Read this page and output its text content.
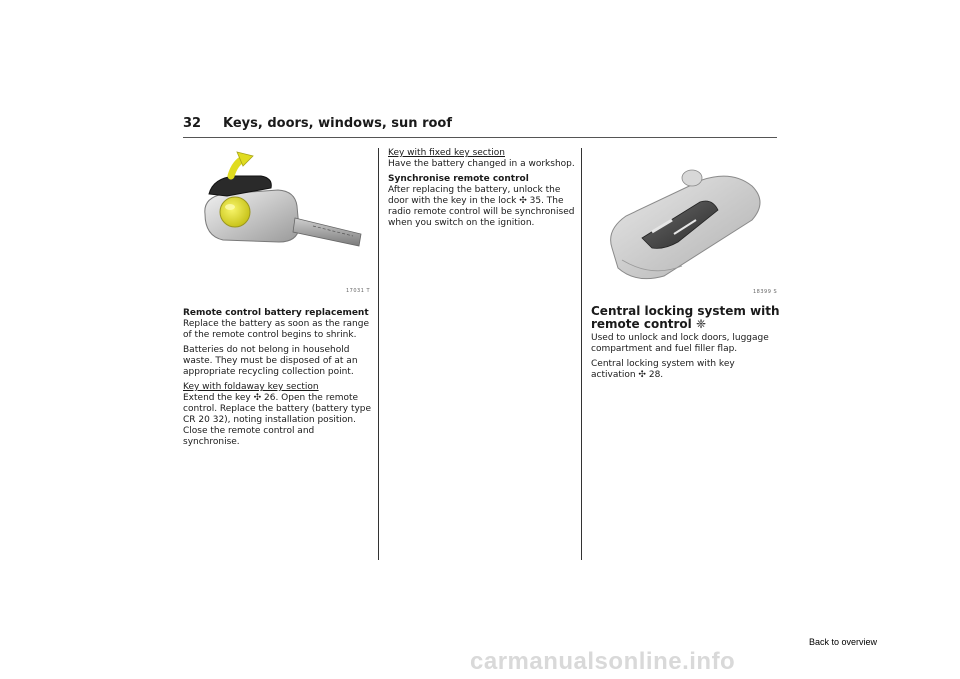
32 Keys, doors, windows, sun roof
17031 T	18399 S
Remote control battery replacement

Replace the battery as soon as the range of the remote control begins to shrink.

Batteries do not belong in household waste. They must be disposed of at an appropriate recycling collection point.

Key with foldaway key section

Extend the key ✣ 26. Open the remote control. Replace the battery (battery type CR 20 32), noting installation position. Close the remote control and synchronise.

Key with fixed key section

Have the battery changed in a workshop.

Synchronise remote control

After replacing the battery, unlock the door with the key in the lock ✣ 35. The radio remote control will be synchronised when you switch on the ignition.

Central locking system with remote control ❈

Used to unlock and lock doors, luggage compartment and fuel filler flap.

Central locking system with key activation ✣ 28.

Back to overview
carmanualsonline.info
